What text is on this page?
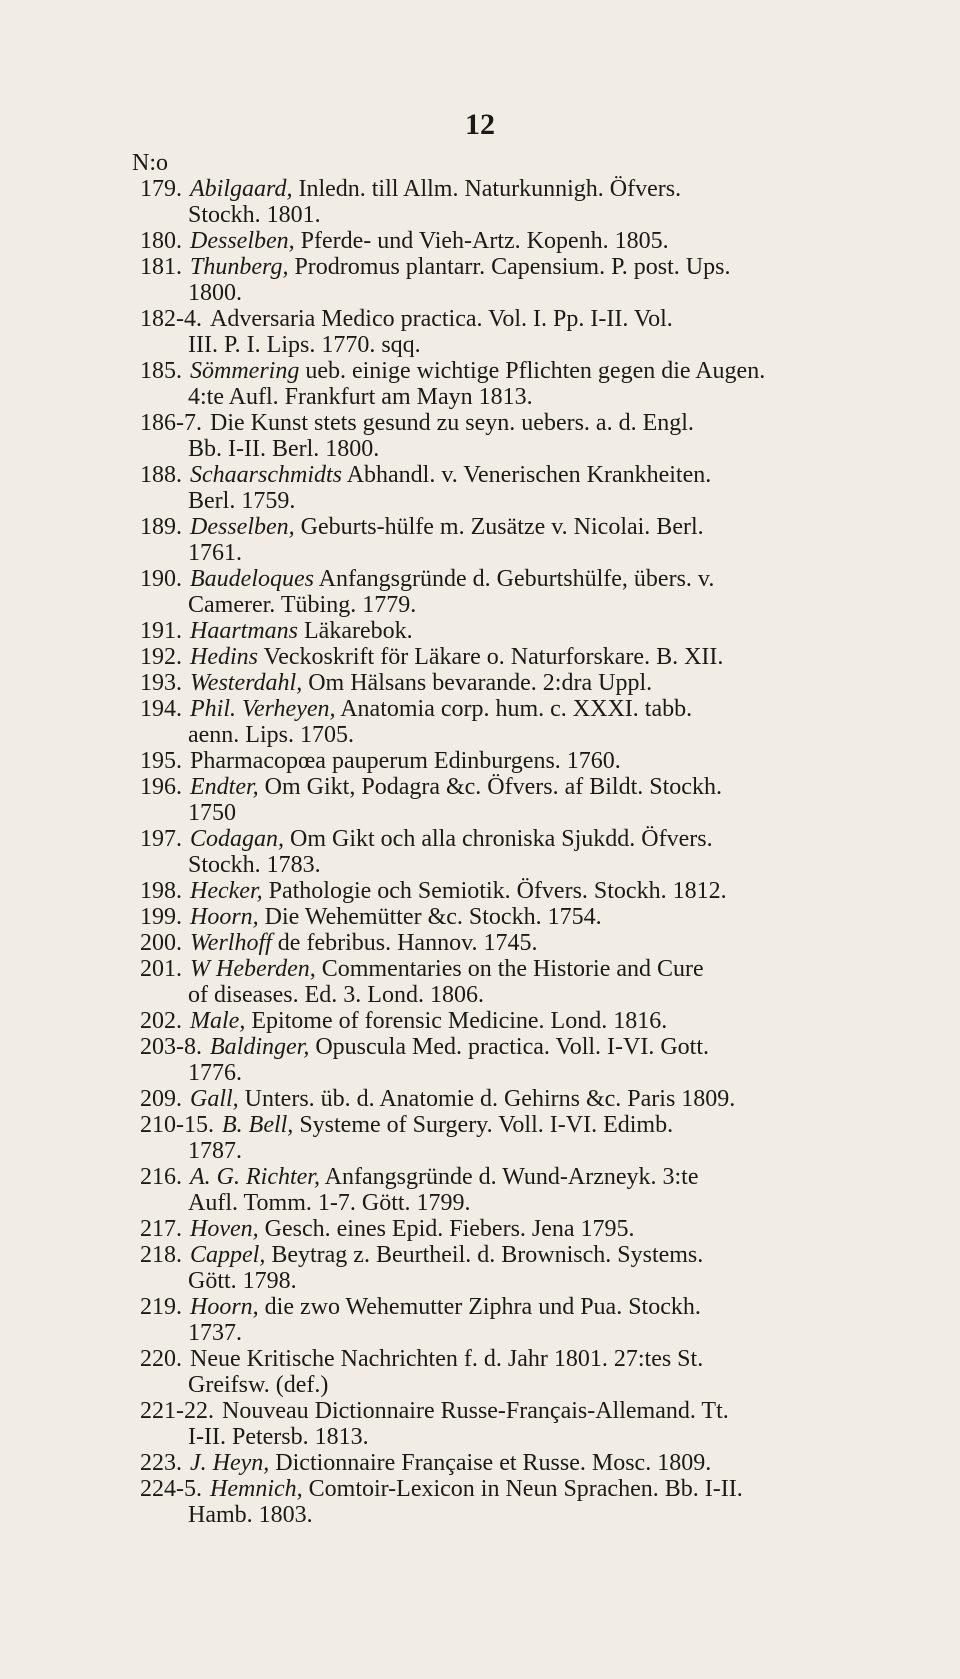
12
N:o
179. Abilgaard, Inledn. till Allm. Naturkunnigh. Öfvers.
Stockh. 1801.
180. Desselben, Pferde- und Vieh-Artz. Kopenh. 1805.
181. Thunberg, Prodromus plantarr. Capensium. P. post. Ups.
1800.
182-4. Adversaria Medico practica. Vol. I. Pp. I-II. Vol.
III. P. I. Lips. 1770. sqq.
185. Sömmering ueb. einige wichtige Pflichten gegen die Augen.
4:te Aufl. Frankfurt am Mayn 1813.
186-7. Die Kunst stets gesund zu seyn. uebers. a. d. Engl.
Bb. I-II. Berl. 1800.
188. Schaarschmidts Abhandl. v. Venerischen Krankheiten.
Berl. 1759.
189. Desselben, Geburts-hülfe m. Zusätze v. Nicolai. Berl.
1761.
190. Baudeloques Anfangsgründe d. Geburtshülfe, übers. v.
Camerer. Tübing. 1779.
191. Haartmans Läkarebok.
192. Hedins Veckoskrift för Läkare o. Naturforskare. B. XII.
193. Westerdahl, Om Hälsans bevarande. 2:dra Uppl.
194. Phil. Verheyen, Anatomia corp. hum. c. XXXI. tabb.
aenn. Lips. 1705.
195. Pharmacopœa pauperum Edinburgens. 1760.
196. Endter, Om Gikt, Podagra &c. Öfvers. af Bildt. Stockh.
1750
197. Codagan, Om Gikt och alla chroniska Sjukdd. Öfvers.
Stockh. 1783.
198. Hecker, Pathologie och Semiotik. Öfvers. Stockh. 1812.
199. Hoorn, Die Wehemütter &c. Stockh. 1754.
200. Werlhoff de febribus. Hannov. 1745.
201. W Heberden, Commentaries on the Historie and Cure
of diseases. Ed. 3. Lond. 1806.
202. Male, Epitome of forensic Medicine. Lond. 1816.
203-8. Baldinger, Opuscula Med. practica. Voll. I-VI. Gott.
1776.
209. Gall, Unters. üb. d. Anatomie d. Gehirns &c. Paris 1809.
210-15. B. Bell, Systeme of Surgery. Voll. I-VI. Edimb.
1787.
216. A. G. Richter, Anfangsgründe d. Wund-Arzneyk. 3:te
Aufl. Tomm. 1-7. Gött. 1799.
217. Hoven, Gesch. eines Epid. Fiebers. Jena 1795.
218. Cappel, Beytrag z. Beurtheil. d. Brownisch. Systems.
Gött. 1798.
219. Hoorn, die zwo Wehemutter Ziphra und Pua. Stockh.
1737.
220. Neue Kritische Nachrichten f. d. Jahr 1801. 27:tes St.
Greifsw. (def.)
221-22. Nouveau Dictionnaire Russe-Français-Allemand. Tt.
I-II. Petersb. 1813.
223. J. Heyn, Dictionnaire Française et Russe. Mosc. 1809.
224-5. Hemnich, Comtoir-Lexicon in Neun Sprachen. Bb. I-II.
Hamb. 1803.
